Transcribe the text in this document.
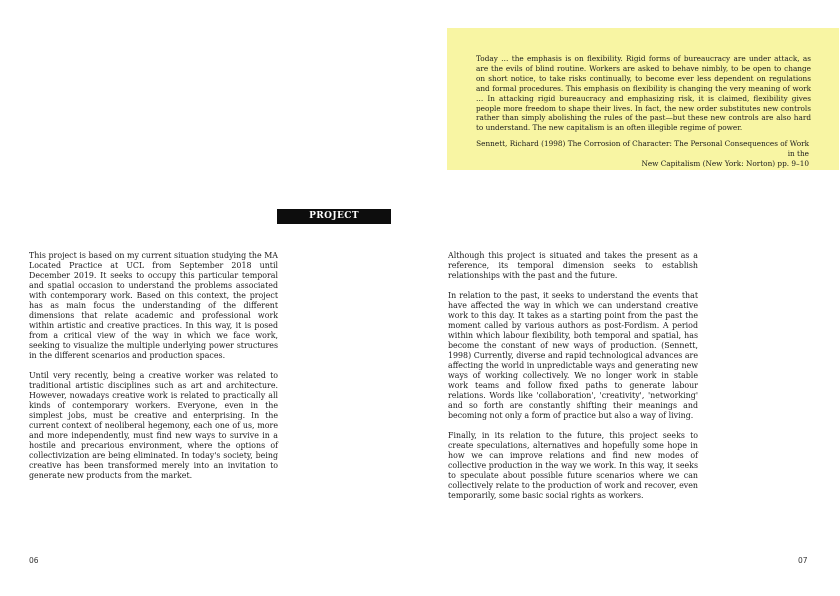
Today … the emphasis is on flexibility. Rigid forms of bureaucracy are under attack, as are the evils of blind routine. Workers are asked to behave nimbly, to be open to change on short notice, to take risks continually, to become ever less dependent on regulations and formal procedures. This emphasis on flexibility is changing the very meaning of work … In attacking rigid bureaucracy and emphasizing risk, it is claimed, flexibility gives people more freedom to shape their lives. In fact, the new order substitutes new controls rather than simply abolishing the rules of the past—but these new controls are also hard to understand. The new capitalism is an often illegible regime of power.

Sennett, Richard (1998) The Corrosion of Character: The Personal Consequences of Work in the
New Capitalism (New York: Norton) pp. 9–10

PROJECT

This project is based on my current situation studying the MA Located Practice at UCL from September 2018 until December 2019. It seeks to occupy this particular temporal and spatial occasion to understand the problems associated with contemporary work. Based on this context, the project has as main focus the understanding of the different dimensions that relate academic and professional work within artistic and creative practices. In this way, it is posed from a critical view of the way in which we face work, seeking to visualize the multiple underlying power structures in the different scenarios and production spaces.

Until very recently, being a creative worker was related to traditional artistic disciplines such as art and architecture. However, nowadays creative work is related to practically all kinds of contemporary workers. Everyone, even in the simplest jobs, must be creative and enterprising. In the current context of neoliberal hegemony, each one of us, more and more independently, must find new ways to survive in a hostile and precarious environment, where the options of collectivization are being eliminated. In today's society, being creative has been transformed merely into an invitation to generate new products from the market.

Although this project is situated and takes the present as a reference, its temporal dimension seeks to establish relationships with the past and the future.

In relation to the past, it seeks to understand the events that have affected the way in which we can understand creative work to this day. It takes as a starting point from the past the moment called by various authors as post-Fordism. A period within which labour flexibility, both temporal and spatial, has become the constant of new ways of production. (Sennett, 1998) Currently, diverse and rapid technological advances are affecting the world in unpredictable ways and generating new ways of working collectively. We no longer work in stable work teams and follow fixed paths to generate labour relations. Words like 'collaboration', 'creativity', 'networking' and so forth are constantly shifting their meanings and becoming not only a form of practice but also a way of living.

Finally, in its relation to the future, this project seeks to create speculations, alternatives and hopefully some hope in how we can improve relations and find new modes of collective production in the way we work. In this way, it seeks to speculate about possible future scenarios where we can collectively relate to the production of work and recover, even temporarily, some basic social rights as workers.

06	07
